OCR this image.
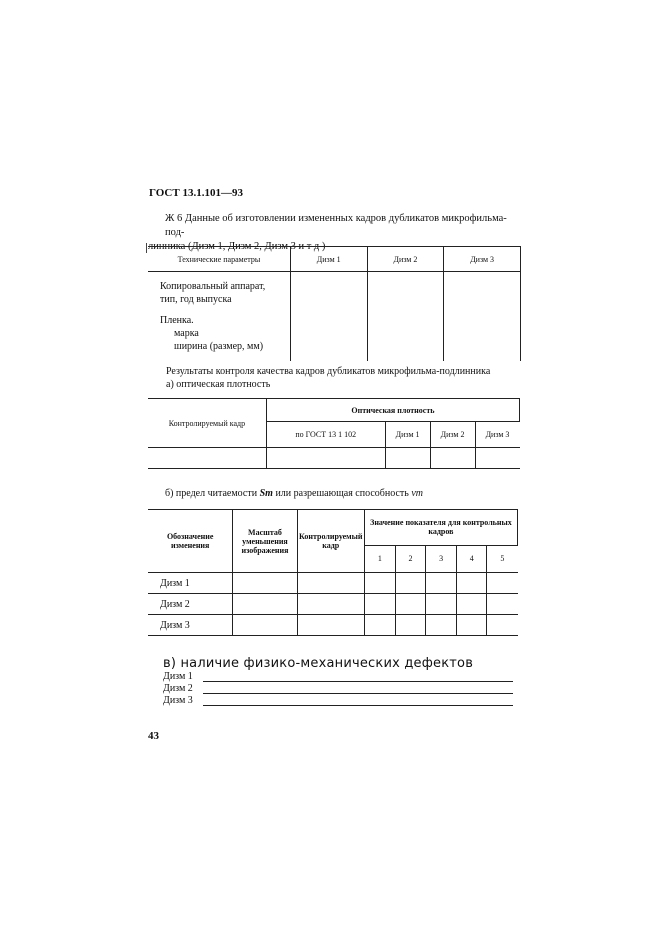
ГОСТ 13.1.101—93
Ж 6 Данные об изготовлении измененных кадров дубликатов микрофильма-под-
линника (Дизм 1, Дизм 2, Дизм 3 и т д )
Технические параметры	Дизм 1	Дизм 2	Дизм 3

Копировальный аппарат,
тип, год выпуска
Пленка.
марка
ширина (размер, мм)			

Результаты контроля качества кадров дубликатов микрофильма-подлинника
а) оптическая плотность
Контролируемый кадр	Оптическая плотность			
	по ГОСТ 13 1 102	Дизм 1	Дизм 2	Дизм 3

б) предел читаемости Sm или разрешающая способность vm
Обозначение изменения	Масштаб уменьшения изображения	Контролируемый кадр	Значение показателя для контрольных кадров				
			1	2	3	4	5
Дизм 1							
Дизм 2							
Дизм 3							
в) наличие физико-механических дефектов
Дизм 1
Дизм 2
Дизм 3
43
